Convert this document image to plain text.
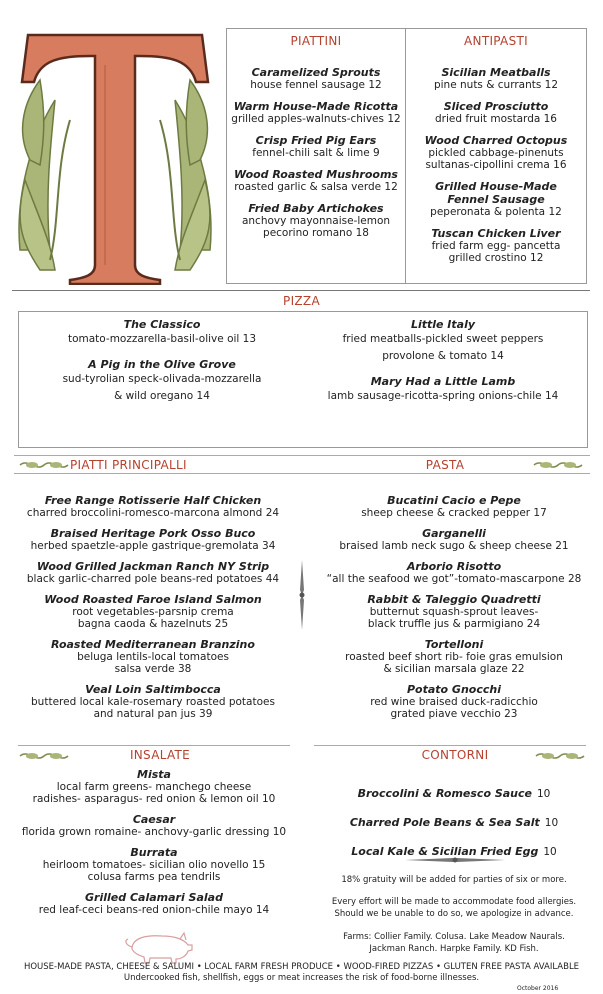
PIATTINI
Caramelized Sprouts
house fennel sausage 12
Warm House-Made Ricotta
grilled apples-walnuts-chives 12
Crisp Fried Pig Ears
fennel-chili salt & lime 9
Wood Roasted Mushrooms
roasted garlic & salsa verde 12
Fried Baby Artichokes
anchovy mayonnaise-lemon
pecorino romano 18
ANTIPASTI
Sicilian Meatballs
pine nuts & currants 12
Sliced Prosciutto
dried fruit mostarda 16
Wood Charred Octopus
pickled cabbage-pinenuts
sultanas-cipollini crema 16
Grilled House-Made
Fennel Sausage
peperonata & polenta 12
Tuscan Chicken Liver
fried farm egg- pancetta
grilled crostino 12
PIZZA
The Classico
tomato-mozzarella-basil-olive oil 13
A Pig in the Olive Grove
sud-tyrolian speck-olivada-mozzarella
& wild oregano 14
Little Italy
fried meatballs-pickled sweet peppers
provolone & tomato 14
Mary Had a Little Lamb
lamb sausage-ricotta-spring onions-chile 14
PIATTI PRINCIPALLI	PASTA
Free Range Rotisserie Half Chicken
charred broccolini-romesco-marcona almond 24
Braised Heritage Pork Osso Buco
herbed spaetzle-apple gastrique-gremolata 34
Wood Grilled Jackman Ranch NY Strip
black garlic-charred pole beans-red potatoes 44
Wood Roasted Faroe Island Salmon
root vegetables-parsnip crema
bagna caoda & hazelnuts 25
Roasted Mediterranean Branzino
beluga lentils-local tomatoes
salsa verde 38
Veal Loin Saltimbocca
buttered local kale-rosemary roasted potatoes
and natural pan jus 39
Bucatini Cacio e Pepe
sheep cheese & cracked pepper 17
Garganelli
braised lamb neck sugo & sheep cheese 21
Arborio Risotto
“all the seafood we got”-tomato-mascarpone 28
Rabbit & Taleggio Quadretti
butternut squash-sprout leaves-
black truffle jus & parmigiano 24
Tortelloni
roasted beef short rib- foie gras emulsion
& sicilian marsala glaze 22
Potato Gnocchi
red wine braised duck-radicchio
grated piave vecchio 23
INSALATE	CONTORNI
Mista
local farm greens- manchego cheese
radishes- asparagus- red onion & lemon oil 10
Caesar
florida grown romaine- anchovy-garlic dressing 10
Burrata
heirloom tomatoes- sicilian olio novello 15
colusa farms pea tendrils
Grilled Calamari Salad
red leaf-ceci beans-red onion-chile mayo 14
Broccolini & Romesco Sauce 10
Charred Pole Beans & Sea Salt 10
Local Kale & Sicilian Fried Egg 10
18% gratuity will be added for parties of six or more.
Every effort will be made to accommodate food allergies.
Should we be unable to do so, we apologize in advance.
Farms: Collier Family. Colusa. Lake Meadow Naurals.
Jackman Ranch. Harpke Family. KD Fish.
HOUSE-MADE PASTA, CHEESE & SALUMI • LOCAL FARM FRESH PRODUCE • WOOD-FIRED PIZZAS • GLUTEN FREE PASTA AVAILABLE
Undercooked fish, shellfish, eggs or meat increases the risk of food-borne illnesses.
October 2016
